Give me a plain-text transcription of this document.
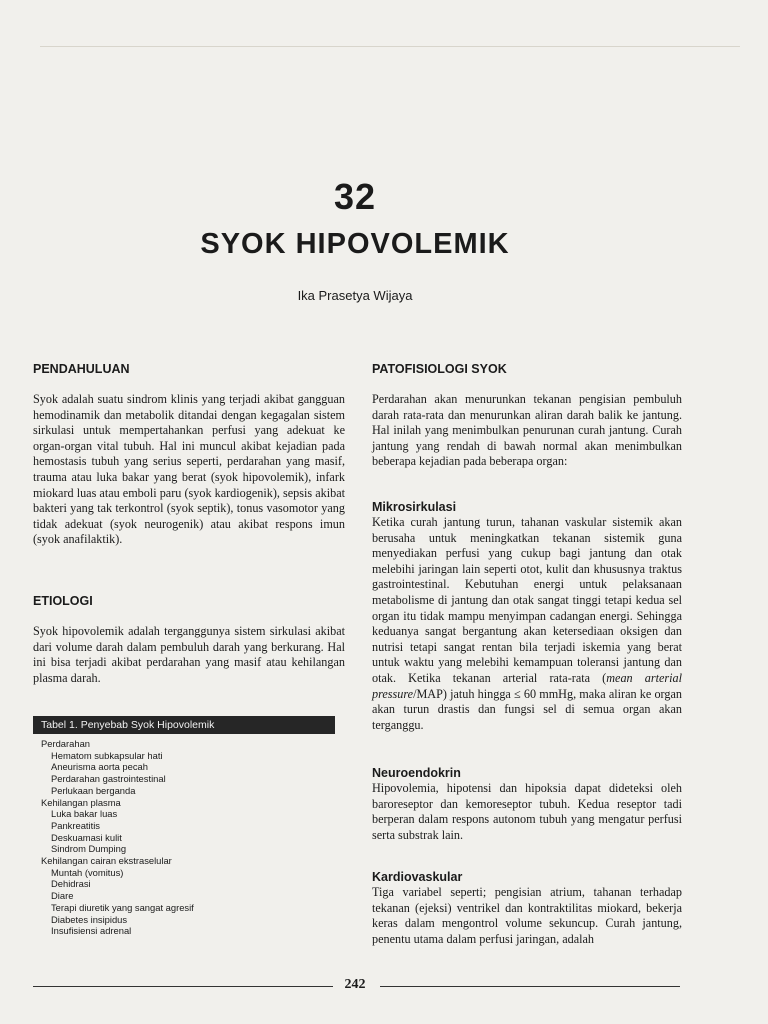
32
SYOK HIPOVOLEMIK
Ika Prasetya Wijaya
PENDAHULUAN

Syok adalah suatu sindrom klinis yang terjadi akibat gangguan hemodinamik dan metabolik ditandai dengan kegagalan sistem sirkulasi untuk mempertahankan perfusi yang adekuat ke organ-organ vital tubuh. Hal ini muncul akibat kejadian pada hemostasis tubuh yang serius seperti, perdarahan yang masif, trauma atau luka bakar yang berat (syok hipovolemik), infark miokard luas atau emboli paru (syok kardiogenik), sepsis akibat bakteri yang tak terkontrol (syok septik), tonus vasomotor yang tidak adekuat (syok neurogenik) atau akibat respons imun (syok anafilaktik).

ETIOLOGI

Syok hipovolemik adalah terganggunya sistem sirkulasi akibat dari volume darah dalam pembuluh darah yang berkurang. Hal ini bisa terjadi akibat perdarahan yang masif atau kehilangan plasma darah.

Tabel 1. Penyebab Syok Hipovolemik
Perdarahan
Hematom subkapsular hati
Aneurisma aorta pecah
Perdarahan gastrointestinal
Perlukaan berganda
Kehilangan plasma
Luka bakar luas
Pankreatitis
Deskuamasi kulit
Sindrom Dumping
Kehilangan cairan ekstraselular
Muntah (vomitus)
Dehidrasi
Diare
Terapi diuretik yang sangat agresif
Diabetes insipidus
Insufisiensi adrenal
PATOFISIOLOGI SYOK

Perdarahan akan menurunkan tekanan pengisian pembuluh darah rata-rata dan menurunkan aliran darah balik ke jantung. Hal inilah yang menimbulkan penurunan curah jantung. Curah jantung yang rendah di bawah normal akan menimbulkan beberapa kejadian pada beberapa organ:

Mikrosirkulasi

Ketika curah jantung turun, tahanan vaskular sistemik akan berusaha untuk meningkatkan tekanan sistemik guna menyediakan perfusi yang cukup bagi jantung dan otak melebihi jaringan lain seperti otot, kulit dan khususnya traktus gastrointestinal. Kebutuhan energi untuk pelaksanaan metabolisme di jantung dan otak sangat tinggi tetapi kedua sel organ itu tidak mampu menyimpan cadangan energi. Sehingga keduanya sangat bergantung akan ketersediaan oksigen dan nutrisi tetapi sangat rentan bila terjadi iskemia yang berat untuk waktu yang melebihi kemampuan toleransi jantung dan otak. Ketika tekanan arterial rata-rata (mean arterial pressure/MAP) jatuh hingga ≤ 60 mmHg, maka aliran ke organ akan turun drastis dan fungsi sel di semua organ akan terganggu.

Neuroendokrin

Hipovolemia, hipotensi dan hipoksia dapat dideteksi oleh baroreseptor dan kemoreseptor tubuh. Kedua reseptor tadi berperan dalam respons autonom tubuh yang mengatur perfusi serta substrak lain.

Kardiovaskular

Tiga variabel seperti; pengisian atrium, tahanan terhadap tekanan (ejeksi) ventrikel dan kontraktilitas miokard, bekerja keras dalam mengontrol volume sekuncup. Curah jantung, penentu utama dalam perfusi jaringan, adalah

242
